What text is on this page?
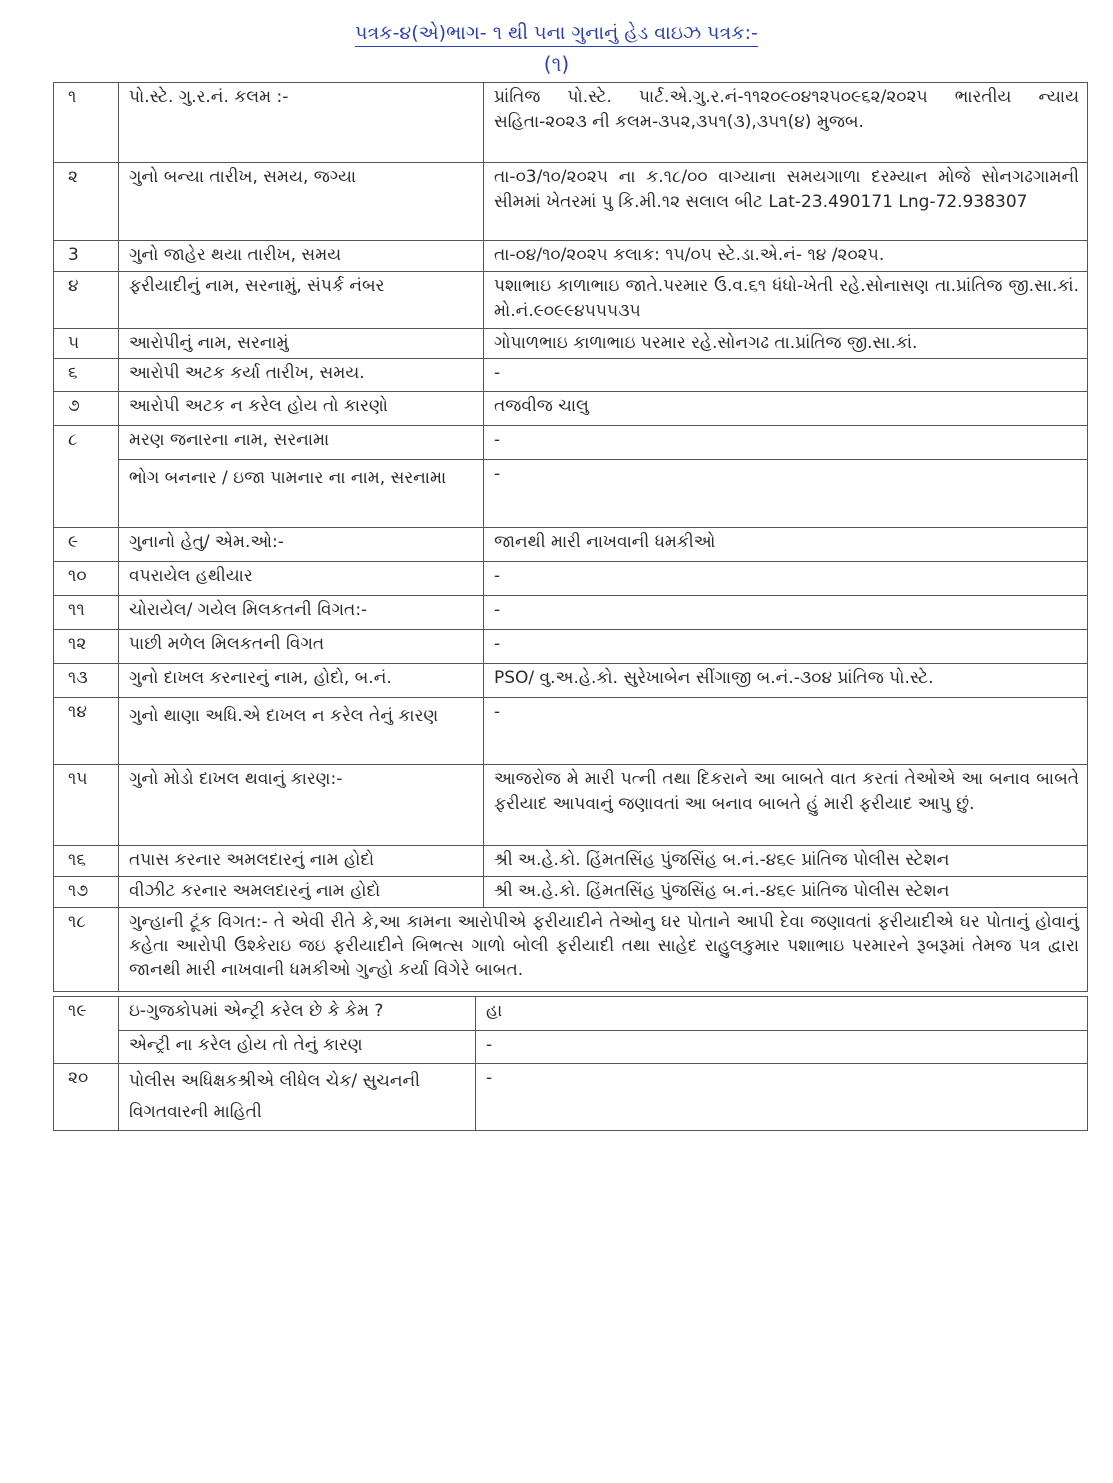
પત્રક-૪(એ)ભાગ- ૧ થી ૫ના ગુનાનું હેડ વાઇઝ પત્રક:-
(૧)
૧	પો.સ્ટે. ગુ.ર.નં. કલમ :-	પ્રાંતિજ પો.સ્ટે. પાર્ટ.એ.ગુ.ર.નં-૧૧૨૦૯૦૪૧૨૫૦૯૬૨/૨૦૨૫ ભારતીય ન્યાય સહિતા-૨૦૨૩ ની કલમ-૩૫૨,૩૫૧(૩),૩૫૧(૪) મુજબ.
૨	ગુનો બન્યા તારીખ, સમય, જગ્યા	તા-૦3/૧૦/૨૦૨૫ ના ક.૧૮/૦૦ વાગ્યાના સમયગાળા દરમ્યાન મોજે સોનગઢગામની સીમમાં ખેતરમાં પુ કિ.મી.૧૨ સલાલ બીટ Lat-23.490171 Lng-72.938307
3	ગુનો જાહેર થયા તારીખ, સમય	તા-૦૪/૧૦/૨૦૨૫ કલાક: ૧૫/૦૫ સ્ટે.ડા.એ.નં- ૧૪ /૨૦૨૫.
૪	ફરીયાદીનું નામ, સરનામું, સંપર્ક નંબર	પશાભાઇ કાળાભાઇ જાતે.પરમાર ઉ.વ.૬૧ ધંધો-ખેતી રહે.સોનાસણ તા.પ્રાંતિજ જી.સા.કાં. મો.નં.૯૦૯૯૪૫૫૫૩૫
૫	આરોપીનું નામ, સરનામું	ગોપાળભાઇ કાળાભાઇ પરમાર રહે.સોનગઢ તા.પ્રાંતિજ જી.સા.કાં.
૬	આરોપી અટક કર્યા તારીખ, સમય.	-
૭	આરોપી અટક ન કરેલ હોય તો કારણો	તજવીજ ચાલુ
૮	મરણ જનારના નામ, સરનામા	-
	ભોગ બનનાર / ઇજા પામનાર ના નામ, સરનામા	-
૯	ગુનાનો હેતુ/ એમ.ઓ:-	જાનથી મારી નાખવાની ધમકીઓ
૧૦	વપરાયેલ હથીયાર	-
૧૧	ચોરાયેલ/ ગયેલ મિલકતની વિગત:-	-
૧૨	પાછી મળેલ મિલકતની વિગત	-
૧૩	ગુનો દાખલ કરનારનું નામ, હોદો, બ.નં.	PSO/ વુ.અ.હે.કો. સુરેખાબેન સીંગાજી બ.નં.-૩૦૪ પ્રાંતિજ પો.સ્ટે.
૧૪	ગુનો થાણા અધિ.એ દાખલ ન કરેલ તેનું કારણ	-
૧૫	ગુનો મોડો દાખલ થવાનું કારણ:-	આજરોજ મે મારી પત્ની તથા દિકરાને આ બાબતે વાત કરતાં તેઓએ આ બનાવ બાબતે ફરીયાદ આપવાનું જણાવતાં આ બનાવ બાબતે હું મારી ફરીયાદ આપુ છું.
૧૬	તપાસ કરનાર અમલદારનું નામ હોદો	શ્રી અ.હે.કો. હિંમતસિંહ પુંજસિંહ બ.નં.-૪૬૯ પ્રાંતિજ પોલીસ સ્ટેશન
૧૭	વીઝીટ કરનાર અમલદારનું નામ હોદો	શ્રી અ.હે.કો. હિંમતસિંહ પુંજસિંહ બ.નં.-૪૬૯ પ્રાંતિજ પોલીસ સ્ટેશન
૧૮	ગુન્હાની ટૂંક વિગત:- તે એવી રીતે કે,આ કામના આરોપીએ ફરીયાદીને તેઓનુ ઘર પોતાને આપી દેવા જણાવતાં ફરીયાદીએ ઘર પોતાનું હોવાનું કહેતા આરોપી ઉશ્કેરાઇ જઇ ફરીયાદીને બિભત્સ ગાળો બોલી ફરીયાદી તથા સાહેદ રાહુલકુમાર પશાભાઇ પરમારને રૂબરૂમાં તેમજ પત્ર દ્વારા જાનથી મારી નાખવાની ધમકીઓ ગુન્હો કર્યા વિગેરે બાબત.	
૧૯	ઇ-ગુજકોપમાં એન્ટ્રી કરેલ છે કે કેમ ?	હા
	એન્ટ્રી ના કરેલ હોય તો તેનું કારણ	-
૨૦	પોલીસ અધિક્ષકશ્રીએ લીધેલ ચેક/ સુચનની વિગતવારની માહિતી	-
